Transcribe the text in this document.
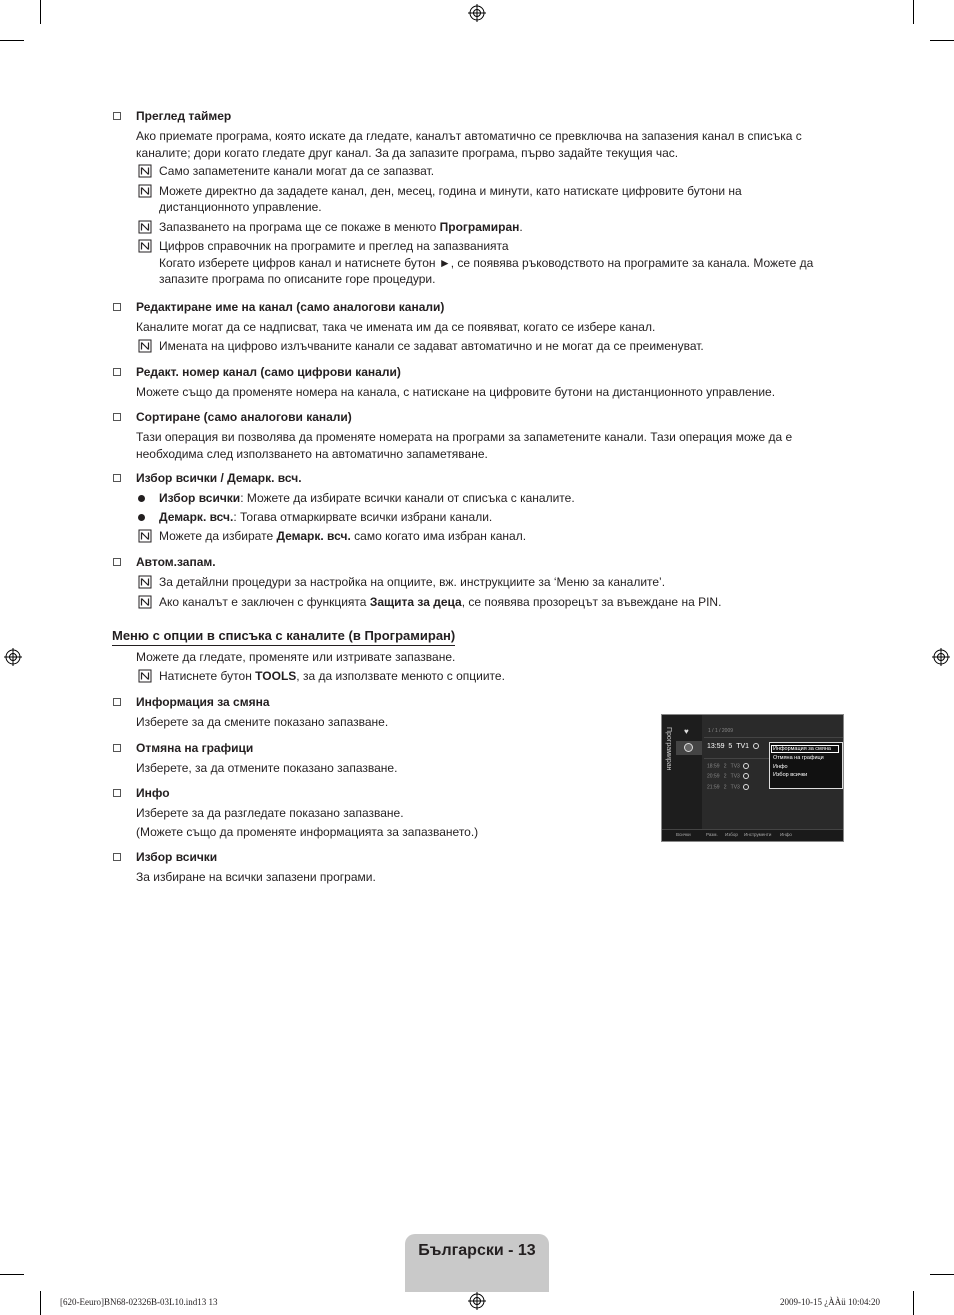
Преглед таймер
Ако приемате програма, която искате да гледате, каналът автоматично се превключва на запазения канал в списъка с каналите; дори когато гледате друг канал. За да запазите програма, първо задайте текущия час.
Само запаметените канали могат да се запазват.
Можете директно да зададете канал, ден, месец, година и минути, като натискате цифровите бутони на дистанционното управление.
Запазването на програма ще се покаже в менюто Програмиран.
Цифров справочник на програмите и преглед на запазванията
Когато изберете цифров канал и натиснете бутон ►, се появява ръководството на програмите за канала. Можете да запазите програма по описаните горе процедури.
Редактиране име на канал (само аналогови канали)
Каналите могат да се надписват, така че имената им да се появяват, когато се избере канал.
Имената на цифрово излъчваните канали се задават автоматично и не могат да се преименуват.
Редакт. номер канал (само цифрови канали)
Можете също да променяте номера на канала, с натискане на цифровите бутони на дистанционното управление.
Сортиране (само аналогови канали)
Тази операция ви позволява да променяте номерата на програми за запаметените канали. Тази операция може да е необходима след използването на автоматично запаметяване.
Избор всички / Демарк. всч.
Избор всички: Можете да избирате всички канали от списъка с каналите.
Демарк. всч.: Тогава отмаркирвате всички избрани канали.
Можете да избирате Демарк. всч. само когато има избран канал.
Автом.запам.
За детайлни процедури за настройка на опциите, вж. инструкциите за ‘Меню за каналите’.
Ако каналът е заключен с функцията Защита за деца, се появява прозорецът за въвеждане на PIN.
Меню с опции в списъка с каналите (в Програмиран)
Можете да гледате, променяте или изтривате запазване.
Натиснете бутон TOOLS, за да използвате менюто с опциите.
Информация за смяна
Изберете за да смените показано запазване.
Отмяна на графици
Изберете, за да отмените показано запазване.
Инфо
Изберете за да разгледате показано запазване.
(Можете също да променяте информацията за запазването.)
Избор всички
За избиране на всички запазени програми.
Програмиран ♥	1 / 1 / 2009
13:59 5 TV1
18:59 2 TV3
20:59 2 TV3
21:59 2 TV3
Информация за смяна
Отмяна на графици
Инфо
Избор всички
Всички	Разм. Избор Инструменти Инфо
Български - 13
[620-Eeuro]BN68-02326B-03L10.ind13 13	2009-10-15 ¿ÀÀü 10:04:20
